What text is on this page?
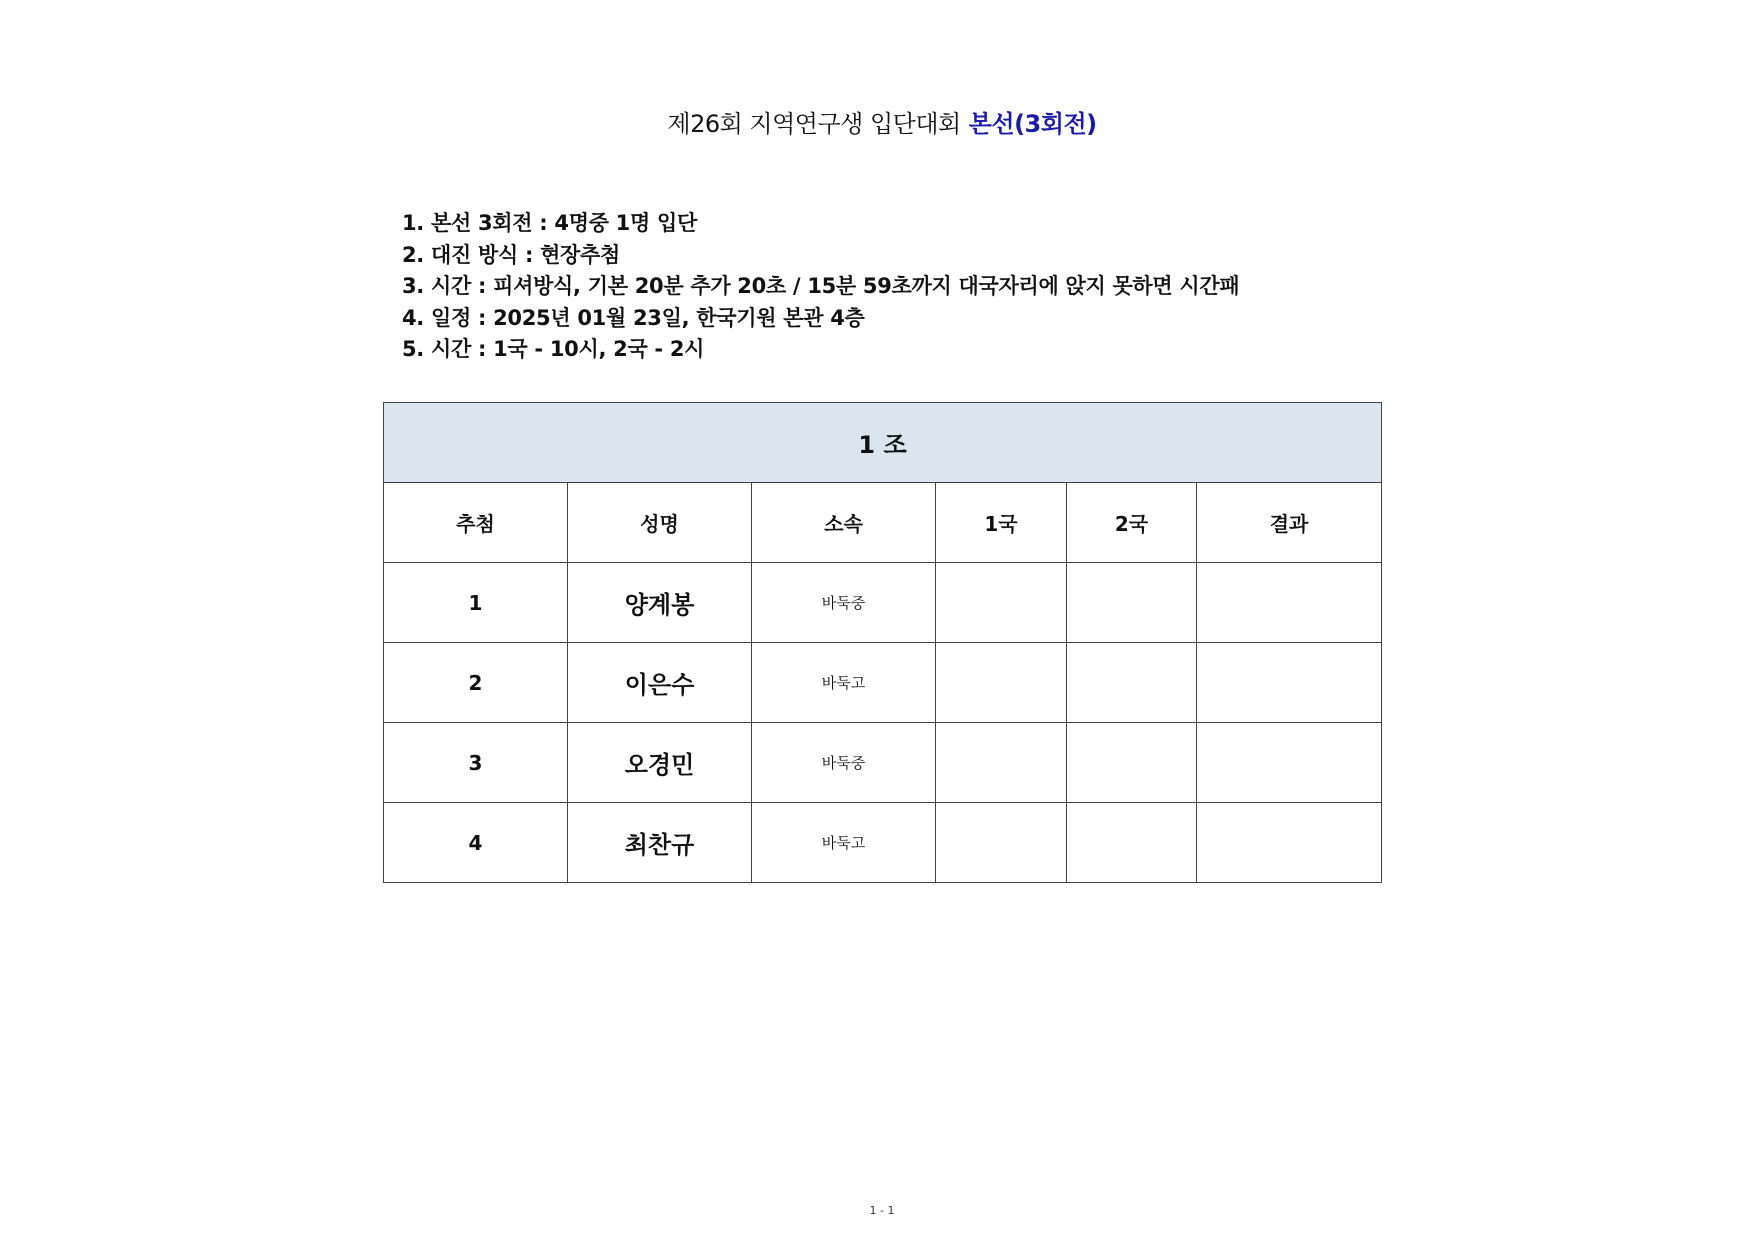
제26회 지역연구생 입단대회 본선(3회전)
1. 본선 3회전 : 4명중 1명 입단
2. 대진 방식 : 현장추첨
3. 시간 : 피셔방식, 기본 20분 추가 20초 / 15분 59초까지 대국자리에 앉지 못하면 시간패
4. 일정 : 2025년 01월 23일, 한국기원 본관 4층
5. 시간 : 1국 - 10시, 2국 - 2시
1 조					
추첨	성명	소속	1국	2국	결과
1	양계봉	바둑중			
2	이은수	바둑고			
3	오경민	바둑중			
4	최찬규	바둑고			
1 - 1
